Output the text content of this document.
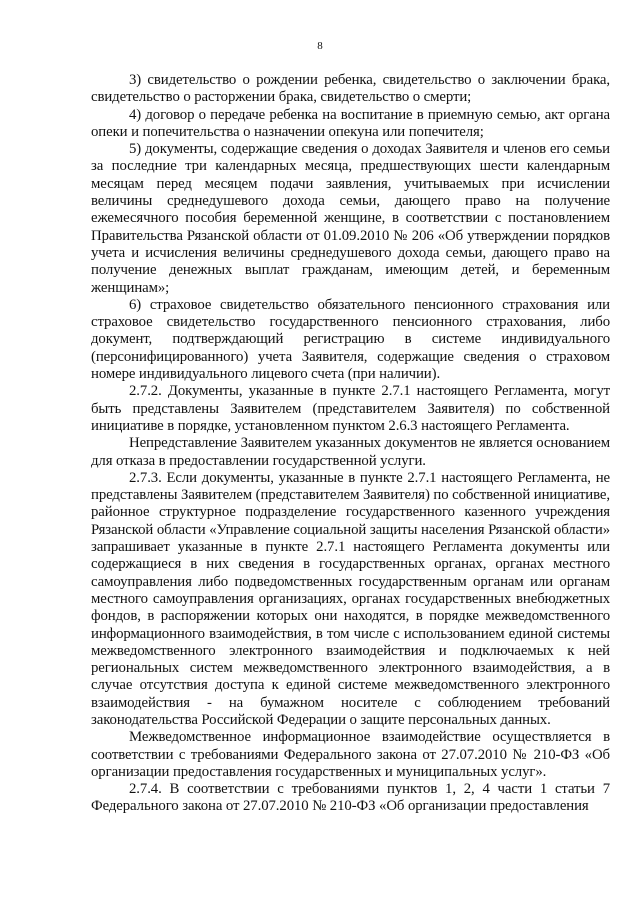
8

3) свидетельство о рождении ребенка, свидетельство о заключении брака, свидетельство о расторжении брака, свидетельство о смерти;

4) договор о передаче ребенка на воспитание в приемную семью, акт органа опеки и попечительства о назначении опекуна или попечителя;

5) документы, содержащие сведения о доходах Заявителя и членов его семьи за последние три календарных месяца, предшествующих шести календарным месяцам перед месяцем подачи заявления, учитываемых при исчислении величины среднедушевого дохода семьи, дающего право на получение ежемесячного пособия беременной женщине, в соответствии с постановлением Правительства Рязанской области от 01.09.2010 № 206 «Об утверждении порядков учета и исчисления величины среднедушевого дохода семьи, дающего право на получение денежных выплат гражданам, имеющим детей, и беременным женщинам»;

6) страховое свидетельство обязательного пенсионного страхования или страховое свидетельство государственного пенсионного страхования, либо документ, подтверждающий регистрацию в системе индивидуального (персонифицированного) учета Заявителя, содержащие сведения о страховом номере индивидуального лицевого счета (при наличии).

2.7.2. Документы, указанные в пункте 2.7.1 настоящего Регламента, могут быть представлены Заявителем (представителем Заявителя) по собственной инициативе в порядке, установленном пунктом 2.6.3 настоящего Регламента.

Непредставление Заявителем указанных документов не является основанием для отказа в предоставлении государственной услуги.

2.7.3. Если документы, указанные в пункте 2.7.1 настоящего Регламента, не представлены Заявителем (представителем Заявителя) по собственной инициативе, районное структурное подразделение государственного казенного учреждения Рязанской области «Управление социальной защиты населения Рязанской области» запрашивает указанные в пункте 2.7.1 настоящего Регламента документы или содержащиеся в них сведения в государственных органах, органах местного самоуправления либо подведомственных государственным органам или органам местного самоуправления организациях, органах государственных внебюджетных фондов, в распоряжении которых они находятся, в порядке межведомственного информационного взаимодействия, в том числе с использованием единой системы межведомственного электронного взаимодействия и подключаемых к ней региональных систем межведомственного электронного взаимодействия, а в случае отсутствия доступа к единой системе межведомственного электронного взаимодействия - на бумажном носителе с соблюдением требований законодательства Российской Федерации о защите персональных данных.

Межведомственное информационное взаимодействие осуществляется в соответствии с требованиями Федерального закона от 27.07.2010 № 210-ФЗ «Об организации предоставления государственных и муниципальных услуг».

2.7.4. В соответствии с требованиями пунктов 1, 2, 4 части 1 статьи 7 Федерального закона от 27.07.2010 № 210-ФЗ «Об организации предоставления
